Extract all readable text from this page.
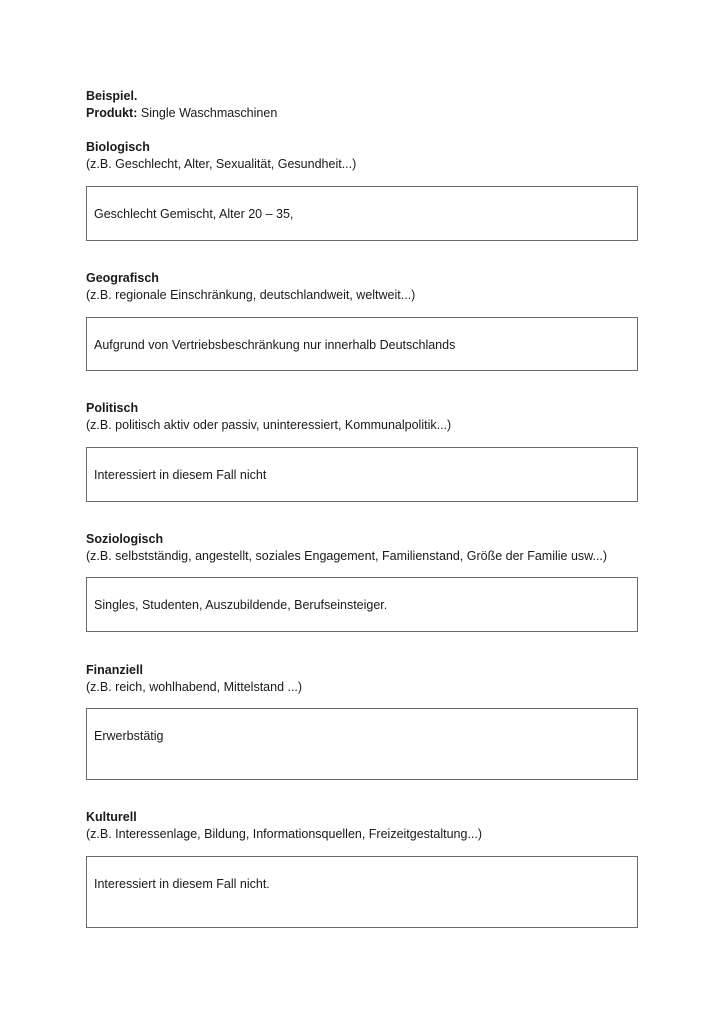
Beispiel.
Produkt: Single Waschmaschinen
Biologisch
(z.B. Geschlecht, Alter, Sexualität, Gesundheit...)
Geschlecht Gemischt, Alter 20 – 35,
Geografisch
(z.B. regionale Einschränkung, deutschlandweit, weltweit...)
Aufgrund von Vertriebsbeschränkung nur innerhalb Deutschlands
Politisch
(z.B. politisch aktiv oder passiv, uninteressiert, Kommunalpolitik...)
Interessiert in diesem Fall nicht
Soziologisch
(z.B. selbstständig, angestellt, soziales Engagement, Familienstand, Größe der Familie usw...)
Singles, Studenten, Auszubildende, Berufseinsteiger.
Finanziell
(z.B. reich, wohlhabend, Mittelstand ...)
Erwerbstätig
Kulturell
(z.B. Interessenlage, Bildung, Informationsquellen, Freizeitgestaltung...)
Interessiert in diesem Fall nicht.
